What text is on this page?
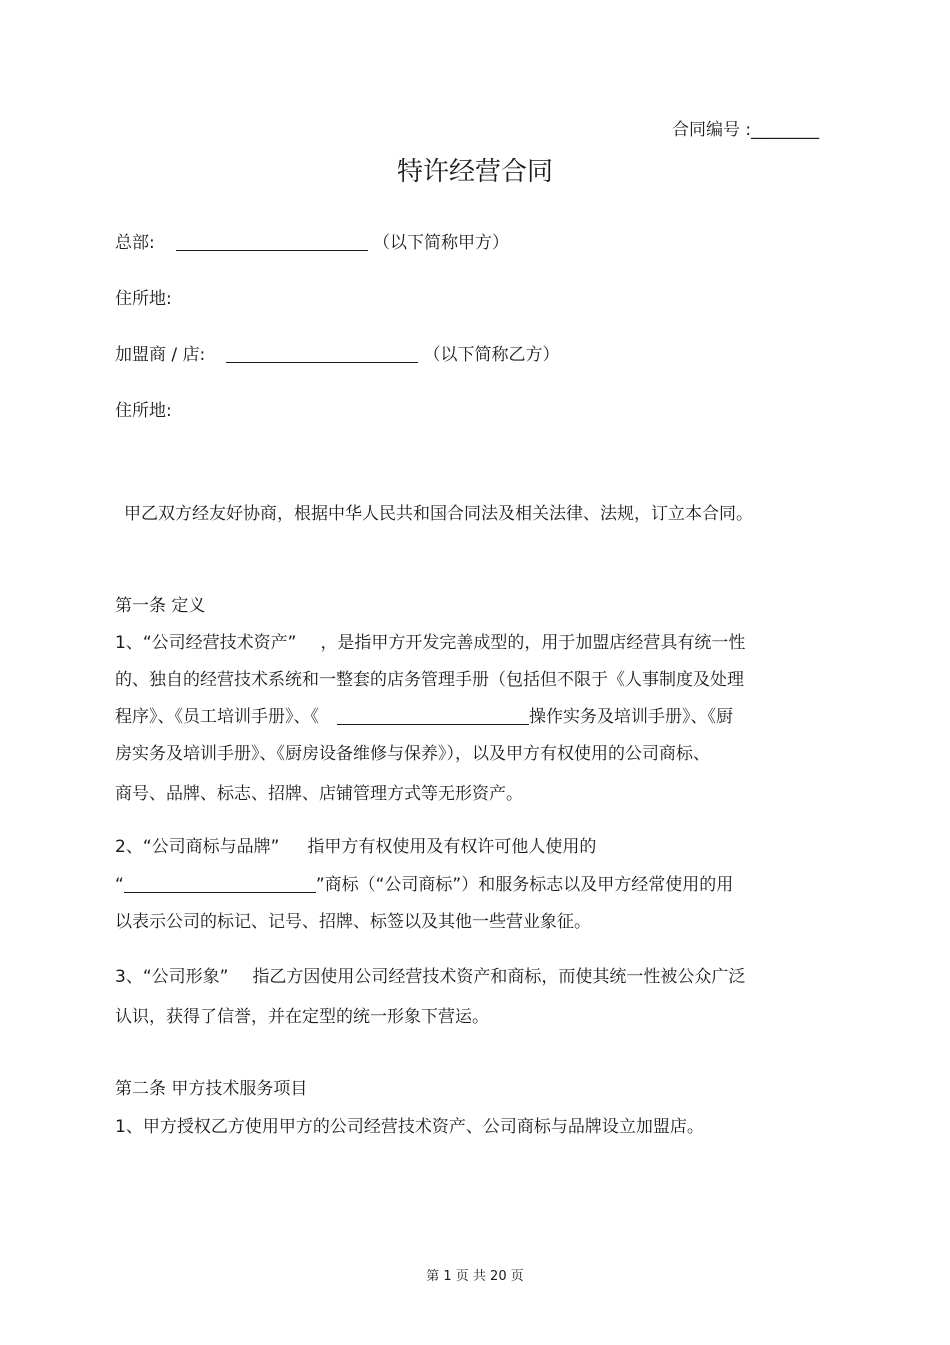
合同编号 :________
特许经营合同
总部:	（以下简称甲方）
住所地:
加盟商 / 店:	（以下简称乙方）
住所地:
甲乙双方经友好协商，根据中华人民共和国合同法及相关法律、法规，订立本合同。
第一条 定义
1、“公司经营技术资产” ，是指甲方开发完善成型的，用于加盟店经营具有统一性
的、独自的经营技术系统和一整套的店务管理手册（包括但不限于《人事制度及处理
程序》、《员工培训手册》、《	操作实务及培训手册》、《厨
房实务及培训手册》、《厨房设备维修与保养》），以及甲方有权使用的公司商标、
商号、品牌、标志、招牌、店铺管理方式等无形资产。
2、“公司商标与品牌” 指甲方有权使用及有权许可他人使用的
“	”商标（“公司商标”）和服务标志以及甲方经常使用的用
以表示公司的标记、记号、招牌、标签以及其他一些营业象征。
3、“公司形象” 指乙方因使用公司经营技术资产和商标，而使其统一性被公众广泛
认识，获得了信誉，并在定型的统一形象下营运。
第二条 甲方技术服务项目
1、甲方授权乙方使用甲方的公司经营技术资产、公司商标与品牌设立加盟店。
第 1 页 共 20 页
